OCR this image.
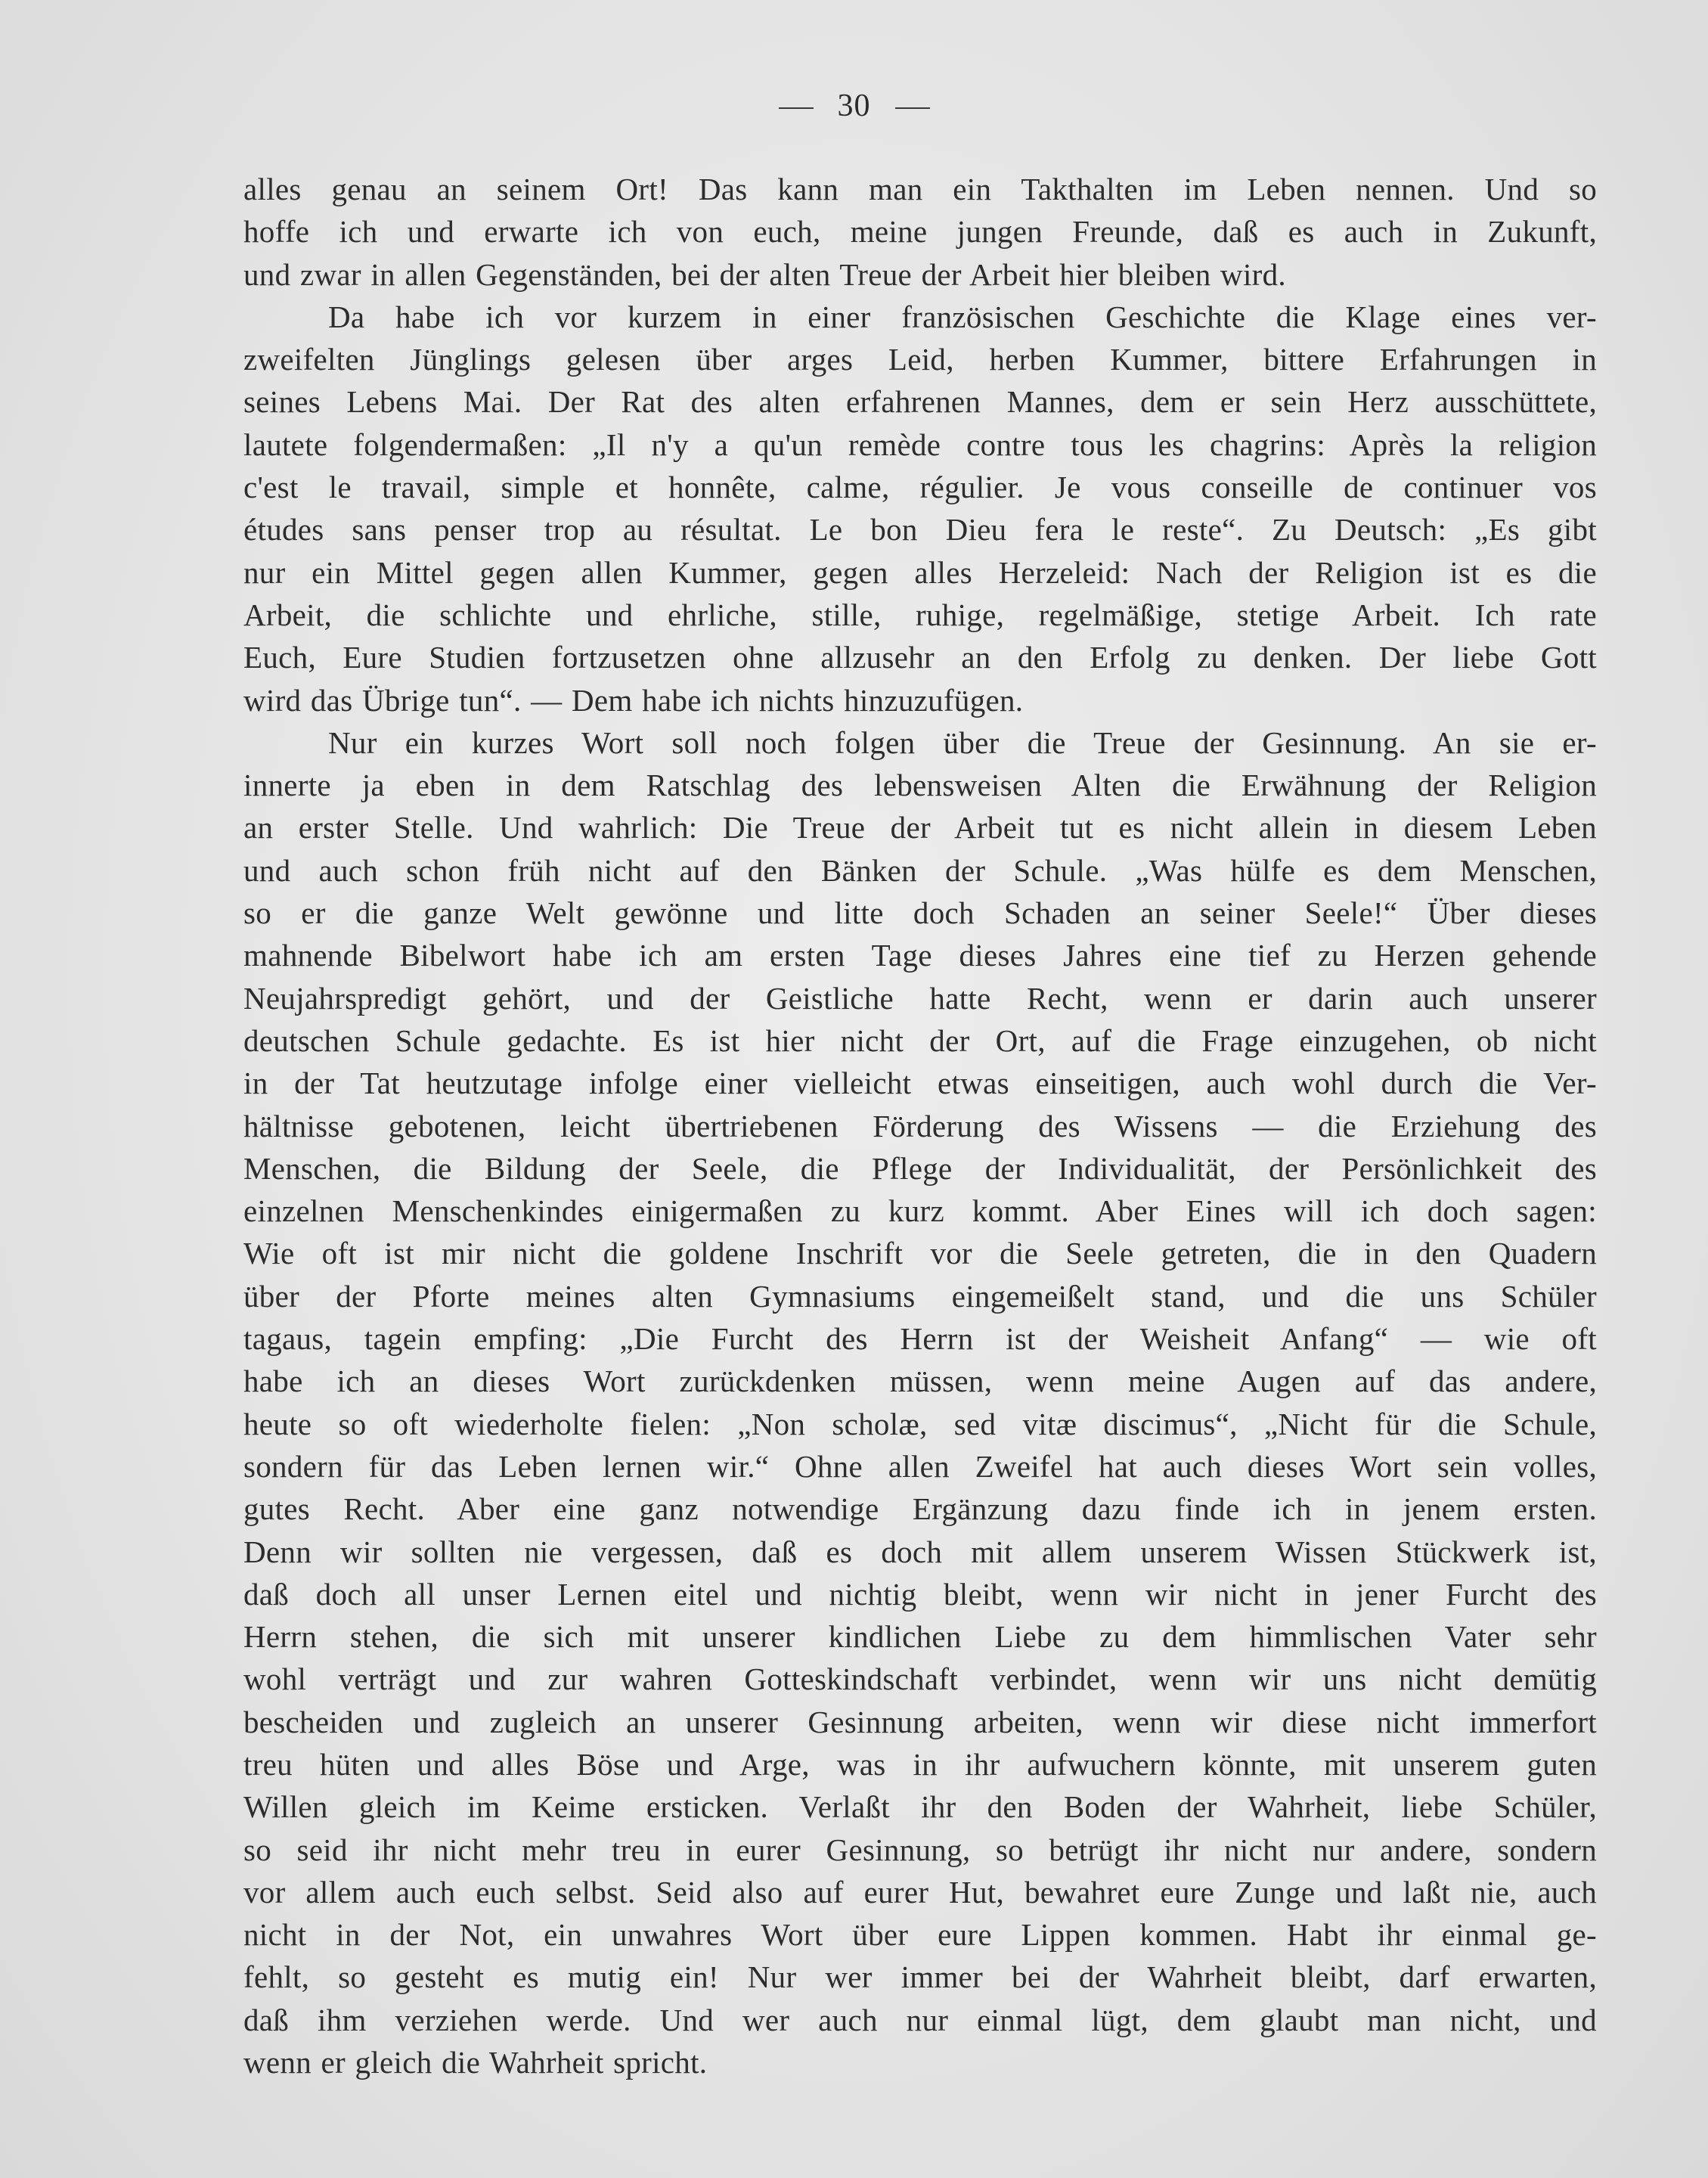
30
alles genau an seinem Ort! Das kann man ein Takthalten im Leben nennen. Und so
hoffe ich und erwarte ich von euch, meine jungen Freunde, daß es auch in Zukunft,
und zwar in allen Gegenständen, bei der alten Treue der Arbeit hier bleiben wird.
Da habe ich vor kurzem in einer französischen Geschichte die Klage eines ver-
zweifelten Jünglings gelesen über arges Leid, herben Kummer, bittere Erfahrungen in
seines Lebens Mai. Der Rat des alten erfahrenen Mannes, dem er sein Herz ausschüttete,
lautete folgendermaßen: „Il n'y a qu'un remède contre tous les chagrins: Après la religion
c'est le travail, simple et honnête, calme, régulier. Je vous conseille de continuer vos
études sans penser trop au résultat. Le bon Dieu fera le reste“. Zu Deutsch: „Es gibt
nur ein Mittel gegen allen Kummer, gegen alles Herzeleid: Nach der Religion ist es die
Arbeit, die schlichte und ehrliche, stille, ruhige, regelmäßige, stetige Arbeit. Ich rate
Euch, Eure Studien fortzusetzen ohne allzusehr an den Erfolg zu denken. Der liebe Gott
wird das Übrige tun“. — Dem habe ich nichts hinzuzufügen.
Nur ein kurzes Wort soll noch folgen über die Treue der Gesinnung. An sie er-
innerte ja eben in dem Ratschlag des lebensweisen Alten die Erwähnung der Religion
an erster Stelle. Und wahrlich: Die Treue der Arbeit tut es nicht allein in diesem Leben
und auch schon früh nicht auf den Bänken der Schule. „Was hülfe es dem Menschen,
so er die ganze Welt gewönne und litte doch Schaden an seiner Seele!“ Über dieses
mahnende Bibelwort habe ich am ersten Tage dieses Jahres eine tief zu Herzen gehende
Neujahrspredigt gehört, und der Geistliche hatte Recht, wenn er darin auch unserer
deutschen Schule gedachte. Es ist hier nicht der Ort, auf die Frage einzugehen, ob nicht
in der Tat heutzutage infolge einer vielleicht etwas einseitigen, auch wohl durch die Ver-
hältnisse gebotenen, leicht übertriebenen Förderung des Wissens — die Erziehung des
Menschen, die Bildung der Seele, die Pflege der Individualität, der Persönlichkeit des
einzelnen Menschenkindes einigermaßen zu kurz kommt. Aber Eines will ich doch sagen:
Wie oft ist mir nicht die goldene Inschrift vor die Seele getreten, die in den Quadern
über der Pforte meines alten Gymnasiums eingemeißelt stand, und die uns Schüler
tagaus, tagein empfing: „Die Furcht des Herrn ist der Weisheit Anfang“ — wie oft
habe ich an dieses Wort zurückdenken müssen, wenn meine Augen auf das andere,
heute so oft wiederholte fielen: „Non scholæ, sed vitæ discimus“, „Nicht für die Schule,
sondern für das Leben lernen wir.“ Ohne allen Zweifel hat auch dieses Wort sein volles,
gutes Recht. Aber eine ganz notwendige Ergänzung dazu finde ich in jenem ersten.
Denn wir sollten nie vergessen, daß es doch mit allem unserem Wissen Stückwerk ist,
daß doch all unser Lernen eitel und nichtig bleibt, wenn wir nicht in jener Furcht des
Herrn stehen, die sich mit unserer kindlichen Liebe zu dem himmlischen Vater sehr
wohl verträgt und zur wahren Gotteskindschaft verbindet, wenn wir uns nicht demütig
bescheiden und zugleich an unserer Gesinnung arbeiten, wenn wir diese nicht immerfort
treu hüten und alles Böse und Arge, was in ihr aufwuchern könnte, mit unserem guten
Willen gleich im Keime ersticken. Verlaßt ihr den Boden der Wahrheit, liebe Schüler,
so seid ihr nicht mehr treu in eurer Gesinnung, so betrügt ihr nicht nur andere, sondern
vor allem auch euch selbst. Seid also auf eurer Hut, bewahret eure Zunge und laßt nie, auch
nicht in der Not, ein unwahres Wort über eure Lippen kommen. Habt ihr einmal ge-
fehlt, so gesteht es mutig ein! Nur wer immer bei der Wahrheit bleibt, darf erwarten,
daß ihm verziehen werde. Und wer auch nur einmal lügt, dem glaubt man nicht, und
wenn er gleich die Wahrheit spricht.
